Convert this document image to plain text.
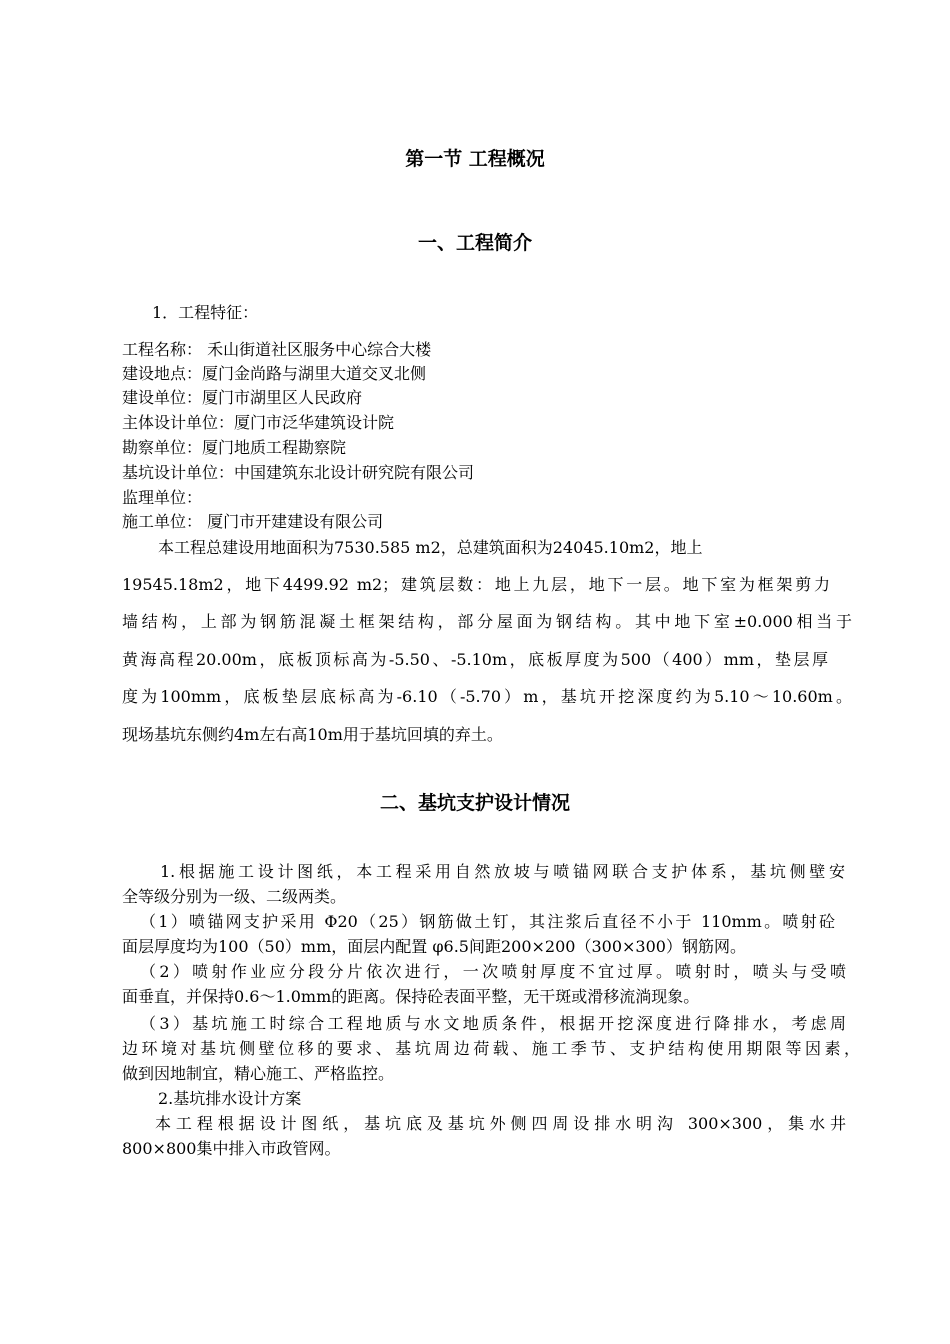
第一节 工程概况
一、工程简介
1．工程特征：
工程名称： 禾山街道社区服务中心综合大楼
建设地点：厦门金尚路与湖里大道交叉北侧
建设单位：厦门市湖里区人民政府
主体设计单位：厦门市泛华建筑设计院
勘察单位：厦门地质工程勘察院
基坑设计单位：中国建筑东北设计研究院有限公司
监理单位：
施工单位： 厦门市开建建设有限公司
本工程总建设用地面积为7530.585 m2，总建筑面积为24045.10m2，地上
19545.18m2，地下4499.92 m2；建筑层数：地上九层，地下一层。地下室为框架剪力
墙结构，上部为钢筋混凝土框架结构，部分屋面为钢结构。其中地下室±0.000相当于
黄海高程20.00m，底板顶标高为-5.50、-5.10m，底板厚度为500（400）mm，垫层厚
度为100mm，底板垫层底标高为-6.10（-5.70）m，基坑开挖深度约为5.10～10.60m。
现场基坑东侧约4m左右高10m用于基坑回填的弃土。
二、基坑支护设计情况
1.根据施工设计图纸，本工程采用自然放坡与喷锚网联合支护体系，基坑侧壁安
全等级分别为一级、二级两类。
（1）喷锚网支护采用 Φ20（25）钢筋做土钉，其注浆后直径不小于 110mm。喷射砼
面层厚度均为100（50）mm，面层内配置 φ6.5间距200×200（300×300）钢筋网。
（2）喷射作业应分段分片依次进行，一次喷射厚度不宜过厚。喷射时，喷头与受喷
面垂直，并保持0.6～1.0mm的距离。保持砼表面平整，无干斑或滑移流淌现象。
（3）基坑施工时综合工程地质与水文地质条件，根据开挖深度进行降排水，考虑周
边环境对基坑侧壁位移的要求、基坑周边荷载、施工季节、支护结构使用期限等因素，
做到因地制宜，精心施工、严格监控。
2.基坑排水设计方案
本工程根据设计图纸，基坑底及基坑外侧四周设排水明沟 300×300，集水井
800×800集中排入市政管网。
